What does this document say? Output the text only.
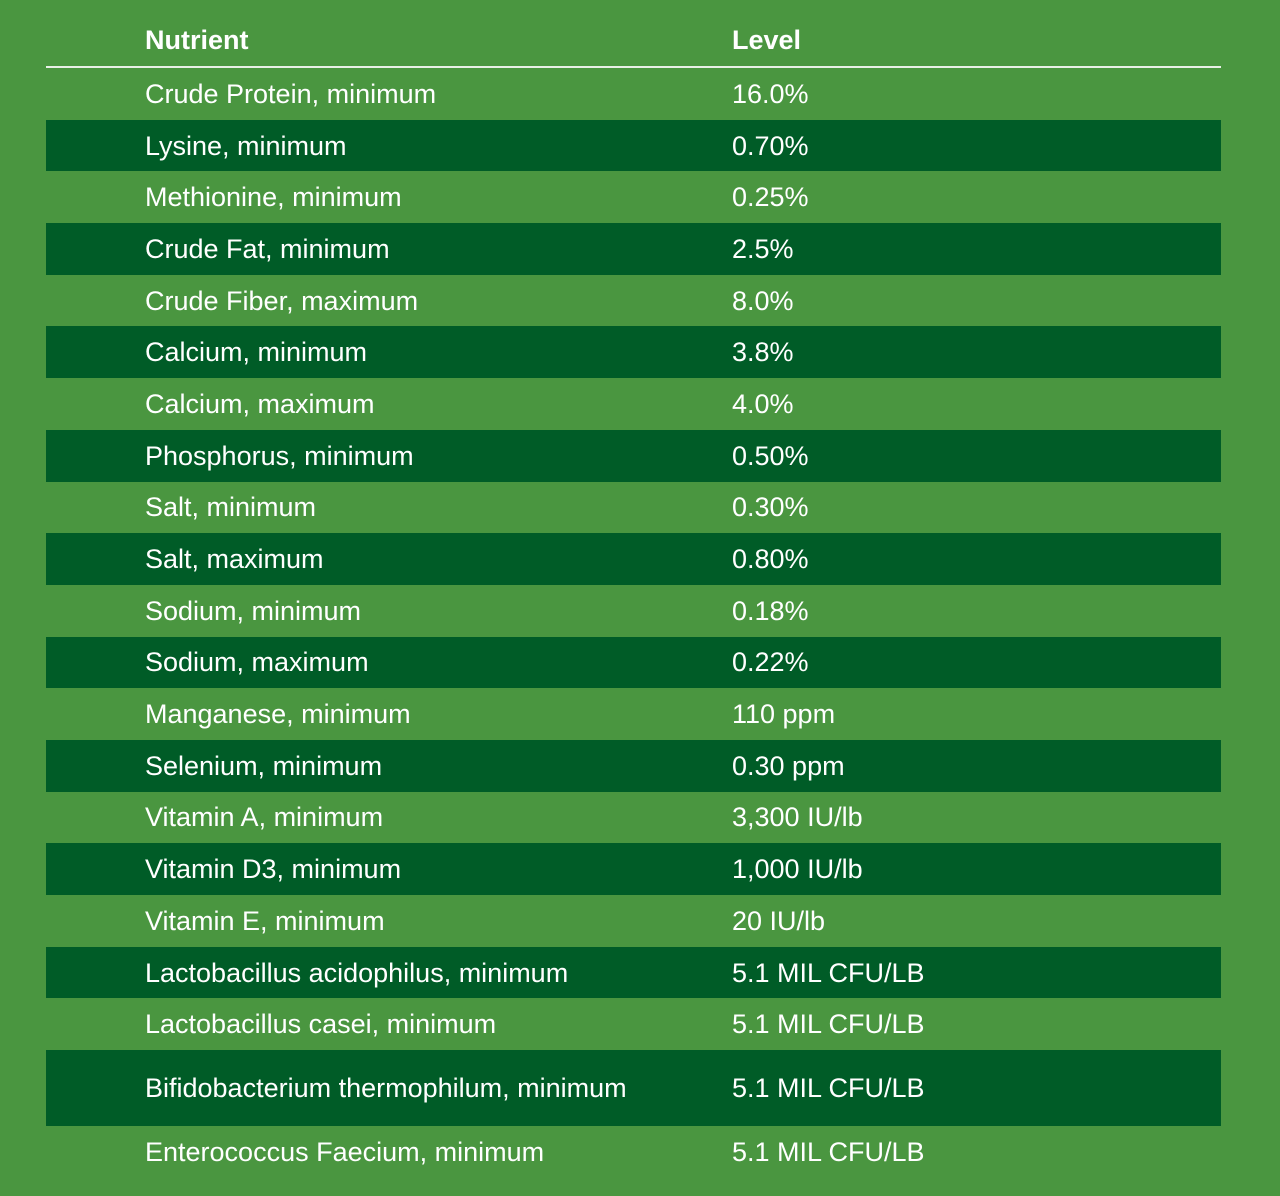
Nutrient	Level
Crude Protein, minimum	16.0%
Lysine, minimum	0.70%
Methionine, minimum	0.25%
Crude Fat, minimum	2.5%
Crude Fiber, maximum	8.0%
Calcium, minimum	3.8%
Calcium, maximum	4.0%
Phosphorus, minimum	0.50%
Salt, minimum	0.30%
Salt, maximum	0.80%
Sodium, minimum	0.18%
Sodium, maximum	0.22%
Manganese, minimum	110 ppm
Selenium, minimum	0.30 ppm
Vitamin A, minimum	3,300 IU/lb
Vitamin D3, minimum	1,000 IU/lb
Vitamin E, minimum	20 IU/lb
Lactobacillus acidophilus, minimum	5.1 MIL CFU/LB
Lactobacillus casei, minimum	5.1 MIL CFU/LB
Bifidobacterium thermophilum, minimum	5.1 MIL CFU/LB
Enterococcus Faecium, minimum	5.1 MIL CFU/LB
